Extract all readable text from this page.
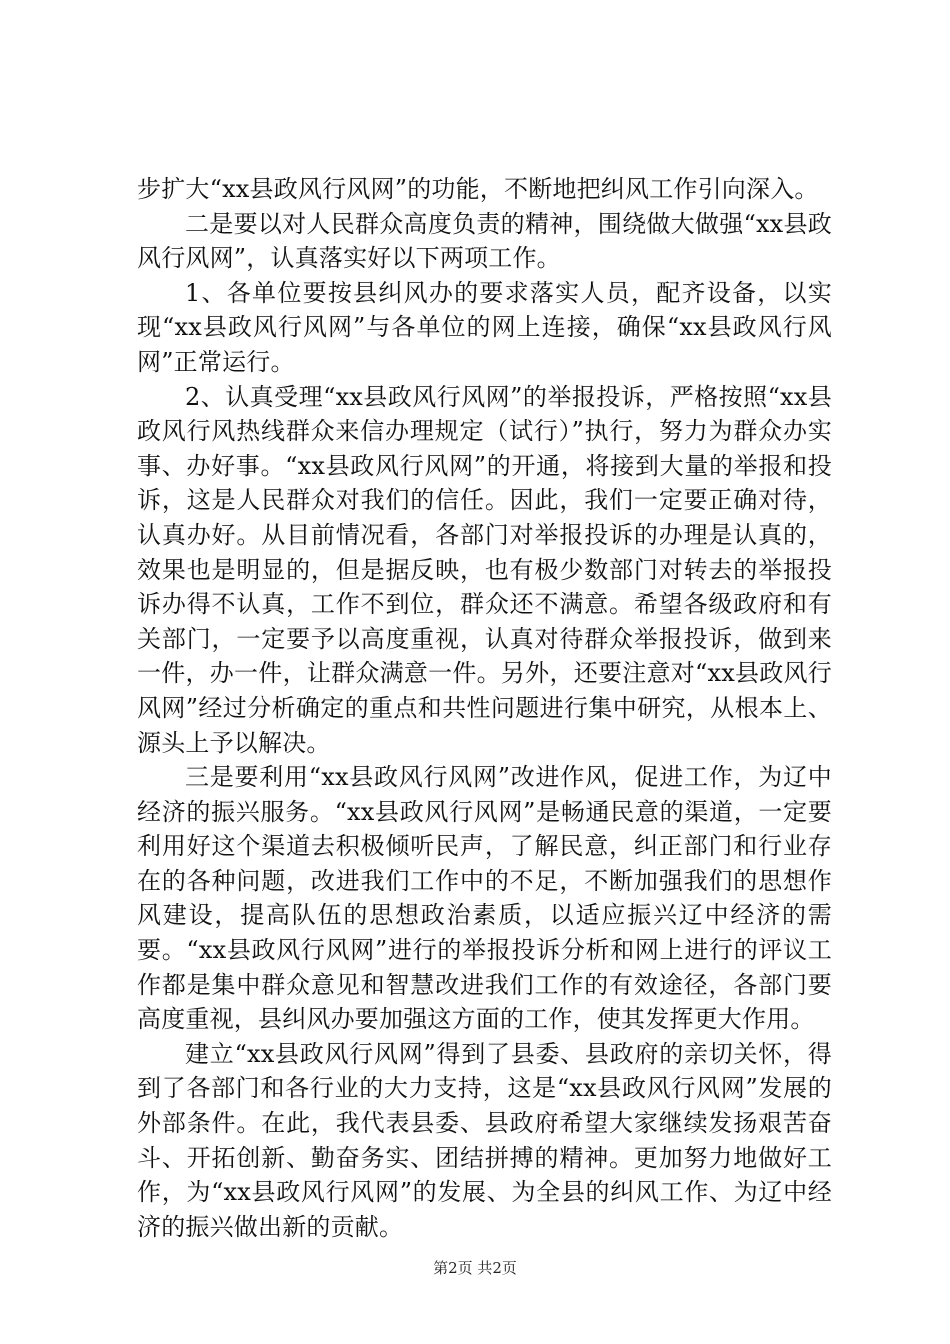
步扩大“xx县政风行风网”的功能，不断地把纠风工作引向深入。

二是要以对人民群众高度负责的精神，围绕做大做强“xx县政风行风网”，认真落实好以下两项工作。

1、各单位要按县纠风办的要求落实人员，配齐设备，以实现“xx县政风行风网”与各单位的网上连接，确保“xx县政风行风网”正常运行。

2、认真受理“xx县政风行风网”的举报投诉，严格按照“xx县政风行风热线群众来信办理规定（试行）”执行，努力为群众办实事、办好事。“xx县政风行风网”的开通，将接到大量的举报和投诉，这是人民群众对我们的信任。因此，我们一定要正确对待，认真办好。从目前情况看，各部门对举报投诉的办理是认真的，效果也是明显的，但是据反映，也有极少数部门对转去的举报投诉办得不认真，工作不到位，群众还不满意。希望各级政府和有关部门，一定要予以高度重视，认真对待群众举报投诉，做到来一件，办一件，让群众满意一件。另外，还要注意对“xx县政风行风网”经过分析确定的重点和共性问题进行集中研究，从根本上、源头上予以解决。

三是要利用“xx县政风行风网”改进作风，促进工作，为辽中经济的振兴服务。“xx县政风行风网”是畅通民意的渠道，一定要利用好这个渠道去积极倾听民声，了解民意，纠正部门和行业存在的各种问题，改进我们工作中的不足，不断加强我们的思想作风建设，提高队伍的思想政治素质，以适应振兴辽中经济的需要。“xx县政风行风网”进行的举报投诉分析和网上进行的评议工作都是集中群众意见和智慧改进我们工作的有效途径，各部门要高度重视，县纠风办要加强这方面的工作，使其发挥更大作用。

建立“xx县政风行风网”得到了县委、县政府的亲切关怀，得到了各部门和各行业的大力支持，这是“xx县政风行风网”发展的外部条件。在此，我代表县委、县政府希望大家继续发扬艰苦奋斗、开拓创新、勤奋务实、团结拼搏的精神。更加努力地做好工作，为“xx县政风行风网”的发展、为全县的纠风工作、为辽中经济的振兴做出新的贡献。

第2页 共2页
